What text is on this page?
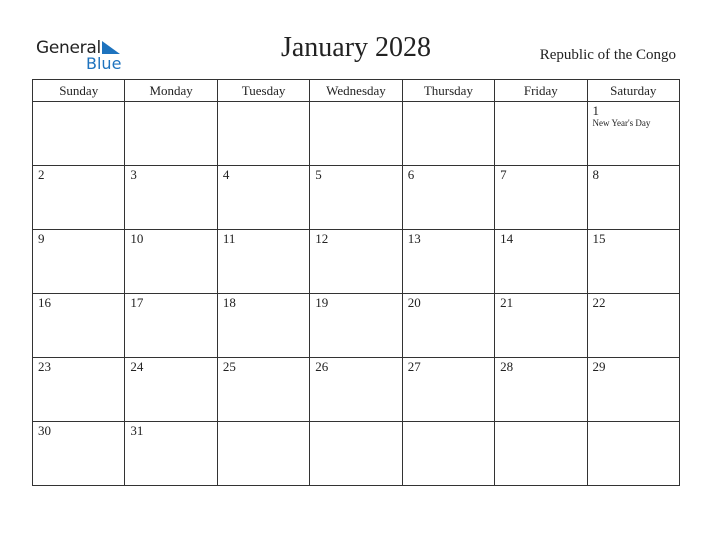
General
Blue
January 2028	Republic of the Congo
Sunday	Monday	Tuesday	Wednesday	Thursday	Friday	Saturday

						1
New Year's Day

2	3	4	5	6	7	8

9	10	11	12	13	14	15

16	17	18	19	20	21	22

23	24	25	26	27	28	29

30	31					
